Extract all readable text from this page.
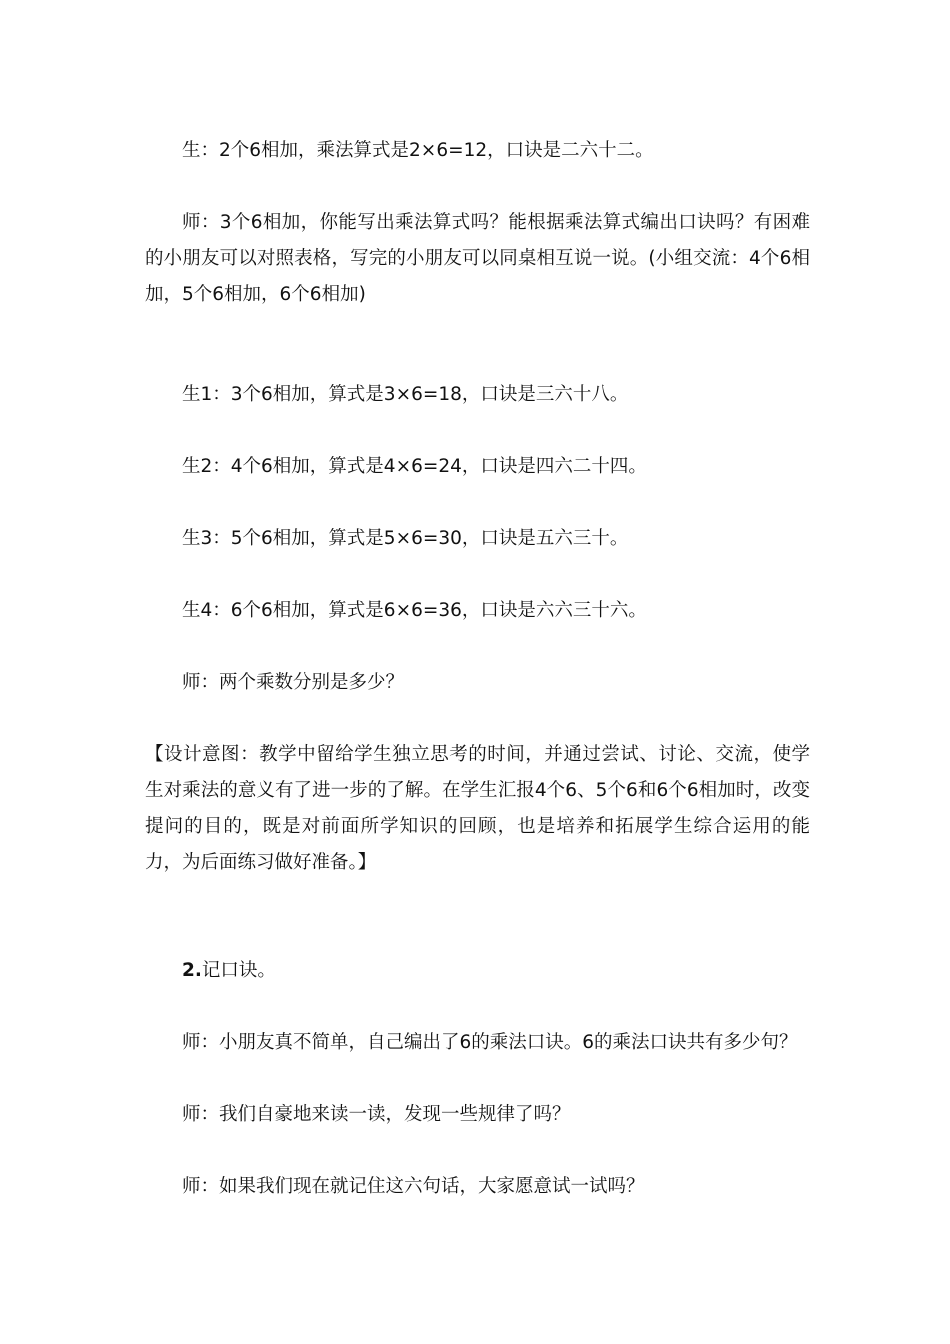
生：2个6相加，乘法算式是2×6=12，口诀是二六十二。

师：3个6相加，你能写出乘法算式吗？能根据乘法算式编出口诀吗？有困难的小朋友可以对照表格，写完的小朋友可以同桌相互说一说。(小组交流：4个6相加，5个6相加，6个6相加)

生1：3个6相加，算式是3×6=18，口诀是三六十八。

生2：4个6相加，算式是4×6=24，口诀是四六二十四。

生3：5个6相加，算式是5×6=30，口诀是五六三十。

生4：6个6相加，算式是6×6=36，口诀是六六三十六。

师：两个乘数分别是多少？

【设计意图：教学中留给学生独立思考的时间，并通过尝试、讨论、交流，使学生对乘法的意义有了进一步的了解。在学生汇报4个6、5个6和6个6相加时，改变提问的目的，既是对前面所学知识的回顾，也是培养和拓展学生综合运用的能力，为后面练习做好准备。】

2.记口诀。

师：小朋友真不简单，自己编出了6的乘法口诀。6的乘法口诀共有多少句？

师：我们自豪地来读一读，发现一些规律了吗？

师：如果我们现在就记住这六句话，大家愿意试一试吗？
